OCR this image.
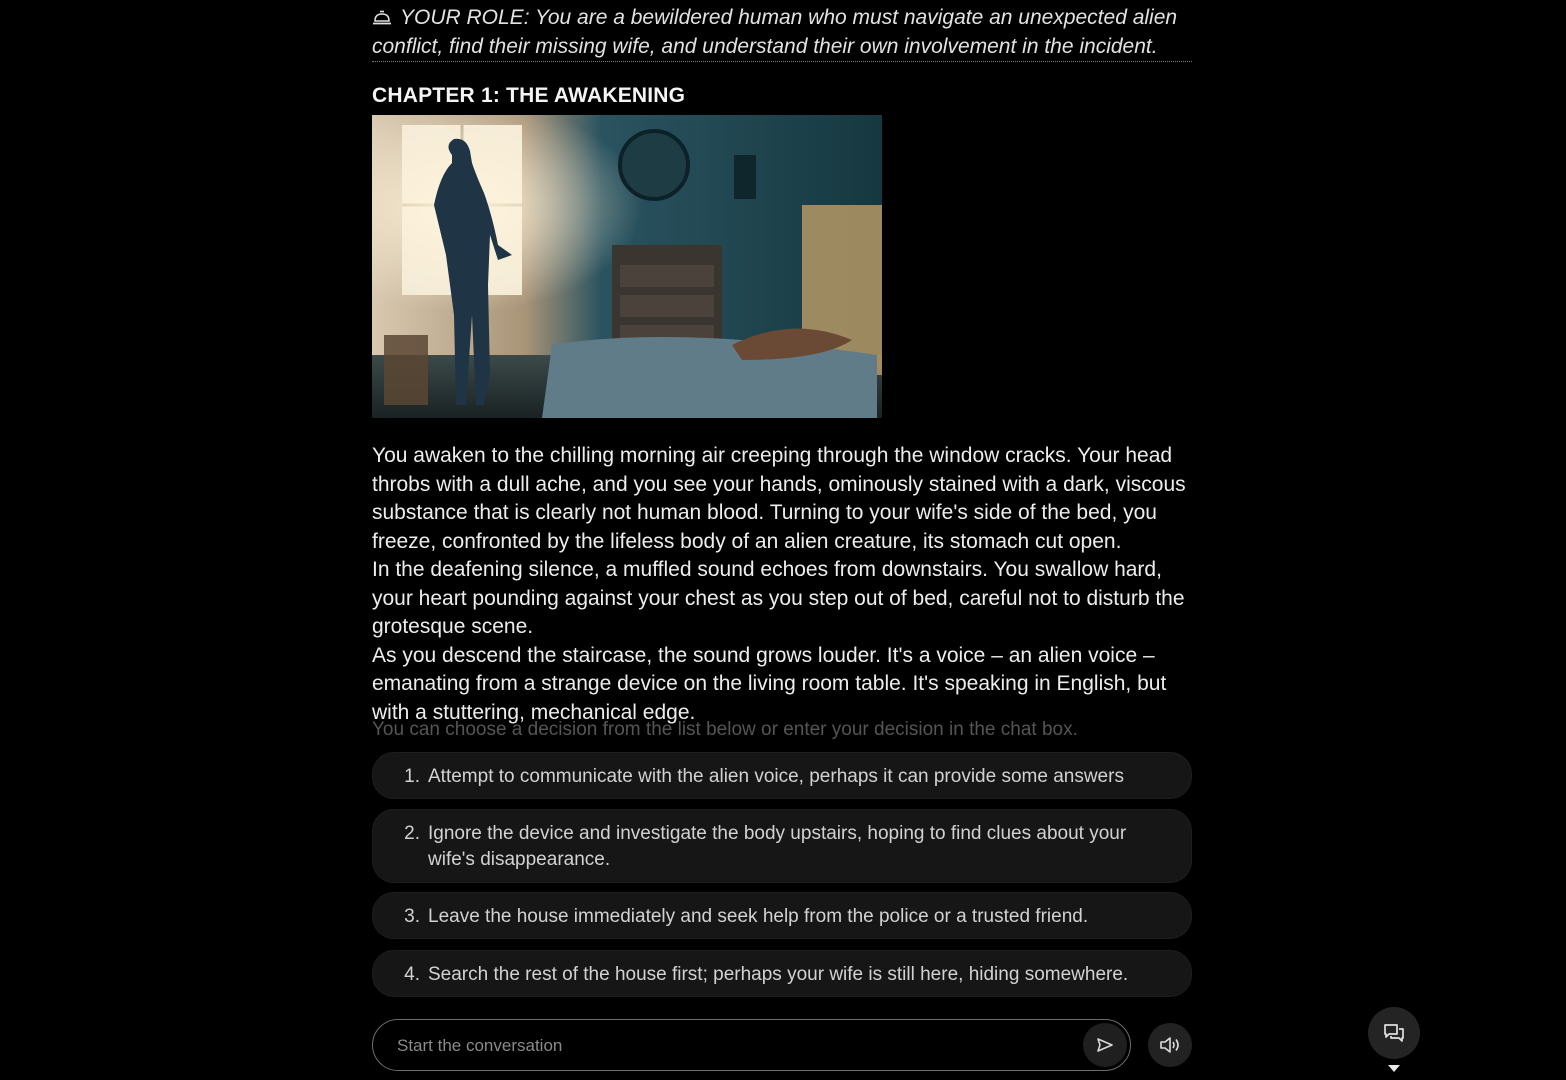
YOUR ROLE: You are a bewildered human who must navigate an unexpected alien conflict, find their missing wife, and understand their own involvement in the incident.
CHAPTER 1: THE AWAKENING

You awaken to the chilling morning air creeping through the window cracks. Your head throbs with a dull ache, and you see your hands, ominously stained with a dark, viscous substance that is clearly not human blood. Turning to your wife's side of the bed, you freeze, confronted by the lifeless body of an alien creature, its stomach cut open.

In the deafening silence, a muffled sound echoes from downstairs. You swallow hard, your heart pounding against your chest as you step out of bed, careful not to disturb the grotesque scene.

As you descend the staircase, the sound grows louder. It's a voice – an alien voice – emanating from a strange device on the living room table. It's speaking in English, but with a stuttering, mechanical edge.

You can choose a decision from the list below or enter your decision in the chat box.
1. Attempt to communicate with the alien voice, perhaps it can provide some answers
2. Ignore the device and investigate the body upstairs, hoping to find clues about your wife's disappearance.
3. Leave the house immediately and seek help from the police or a trusted friend.
4. Search the rest of the house first; perhaps your wife is still here, hiding somewhere.
Start the conversation
